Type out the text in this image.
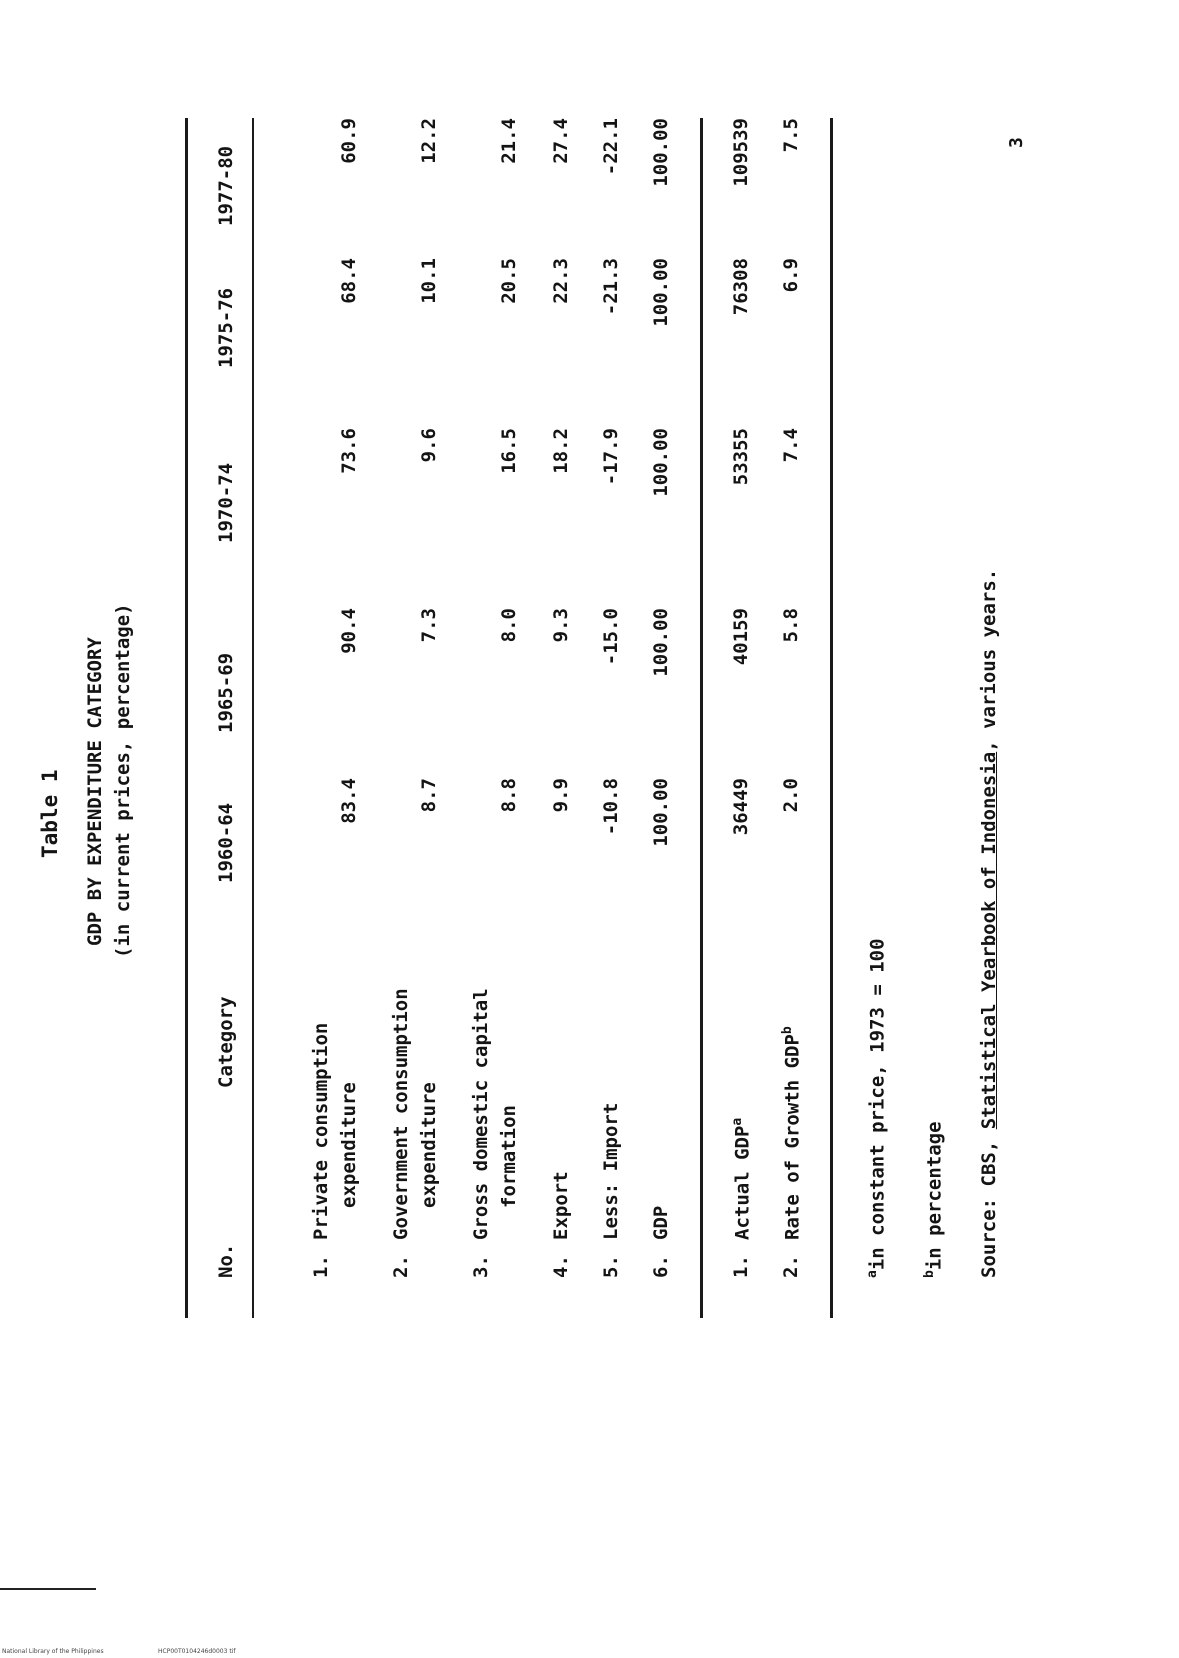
Table 1 GDP BY EXPENDITURE CATEGORY (in current prices, percentage)
No.
Category
1960-64
1965-69
1970-74
1975-76
1977-80
1.
Private consumption expenditure
83.4
90.4
73.6
68.4
60.9
2.
Government consumption expenditure
8.7
7.3
9.6
10.1
12.2
3.
Gross domestic capital formation
8.8
8.0
16.5
20.5
21.4
4.
Export
9.9
9.3
18.2
22.3
27.4
5.
Less: Import
-10.8
-15.0
-17.9
-21.3
-22.1
6.
GDP
100.00
100.00
100.00
100.00
100.00
1.
Actual GDP$^a$
36449
40159
53355
76308
109539
2.
Rate of Growth GDP$^b$
2.0
5.8
7.4
6.9
7.5
$^a$in constant price, 1973 = 100
$^b$in percentage Source: CBS, Statistical Yearbook of Indonesia, various years.
3
National Library of the Philippines	HCP00T0104246d0003 tif
